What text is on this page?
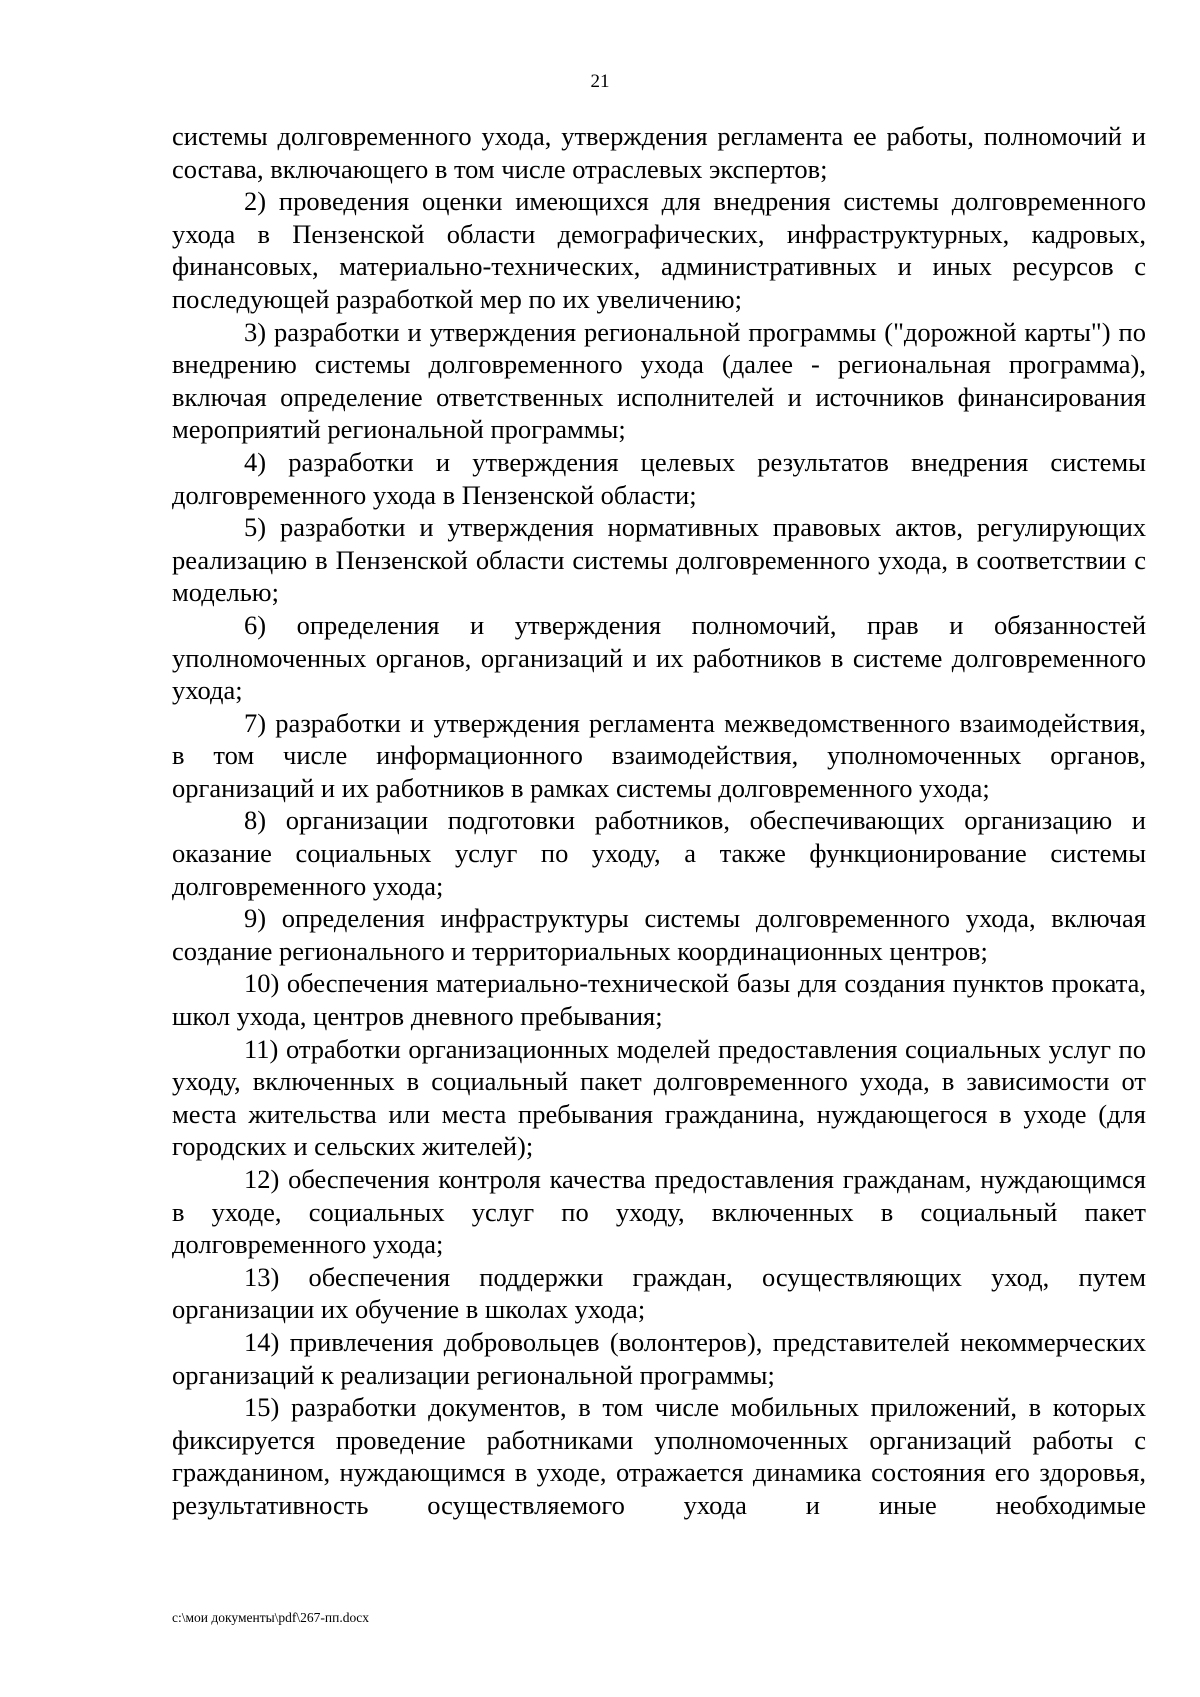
21

системы долговременного ухода, утверждения регламента ее работы, полномочий и состава, включающего в том числе отраслевых экспертов;

2) проведения оценки имеющихся для внедрения системы долговременного ухода в Пензенской области демографических, инфраструктурных, кадровых, финансовых, материально-технических, административных и иных ресурсов с последующей разработкой мер по их увеличению;

3) разработки и утверждения региональной программы ("дорожной карты") по внедрению системы долговременного ухода (далее - региональная программа), включая определение ответственных исполнителей и источников финансирования мероприятий региональной программы;

4) разработки и утверждения целевых результатов внедрения системы долговременного ухода в Пензенской области;

5) разработки и утверждения нормативных правовых актов, регулирующих реализацию в Пензенской области системы долговременного ухода, в соответствии с моделью;

6) определения и утверждения полномочий, прав и обязанностей уполномоченных органов, организаций и их работников в системе долговременного ухода;

7) разработки и утверждения регламента межведомственного взаимодействия, в том числе информационного взаимодействия, уполномоченных органов, организаций и их работников в рамках системы долговременного ухода;

8) организации подготовки работников, обеспечивающих организацию и оказание социальных услуг по уходу, а также функционирование системы долговременного ухода;

9) определения инфраструктуры системы долговременного ухода, включая создание регионального и территориальных координационных центров;

10) обеспечения материально-технической базы для создания пунктов проката, школ ухода, центров дневного пребывания;

11) отработки организационных моделей предоставления социальных услуг по уходу, включенных в социальный пакет долговременного ухода, в зависимости от места жительства или места пребывания гражданина, нуждающегося в уходе (для городских и сельских жителей);

12) обеспечения контроля качества предоставления гражданам, нуждающимся в уходе, социальных услуг по уходу, включенных в социальный пакет долговременного ухода;

13) обеспечения поддержки граждан, осуществляющих уход, путем организации их обучение в школах ухода;

14) привлечения добровольцев (волонтеров), представителей некоммерческих организаций к реализации региональной программы;

15) разработки документов, в том числе мобильных приложений, в которых фиксируется проведение работниками уполномоченных организаций работы с гражданином, нуждающимся в уходе, отражается динамика состояния его здоровья, результативность осуществляемого ухода и иные необходимые

c:\мои документы\pdf\267-пп.docx
